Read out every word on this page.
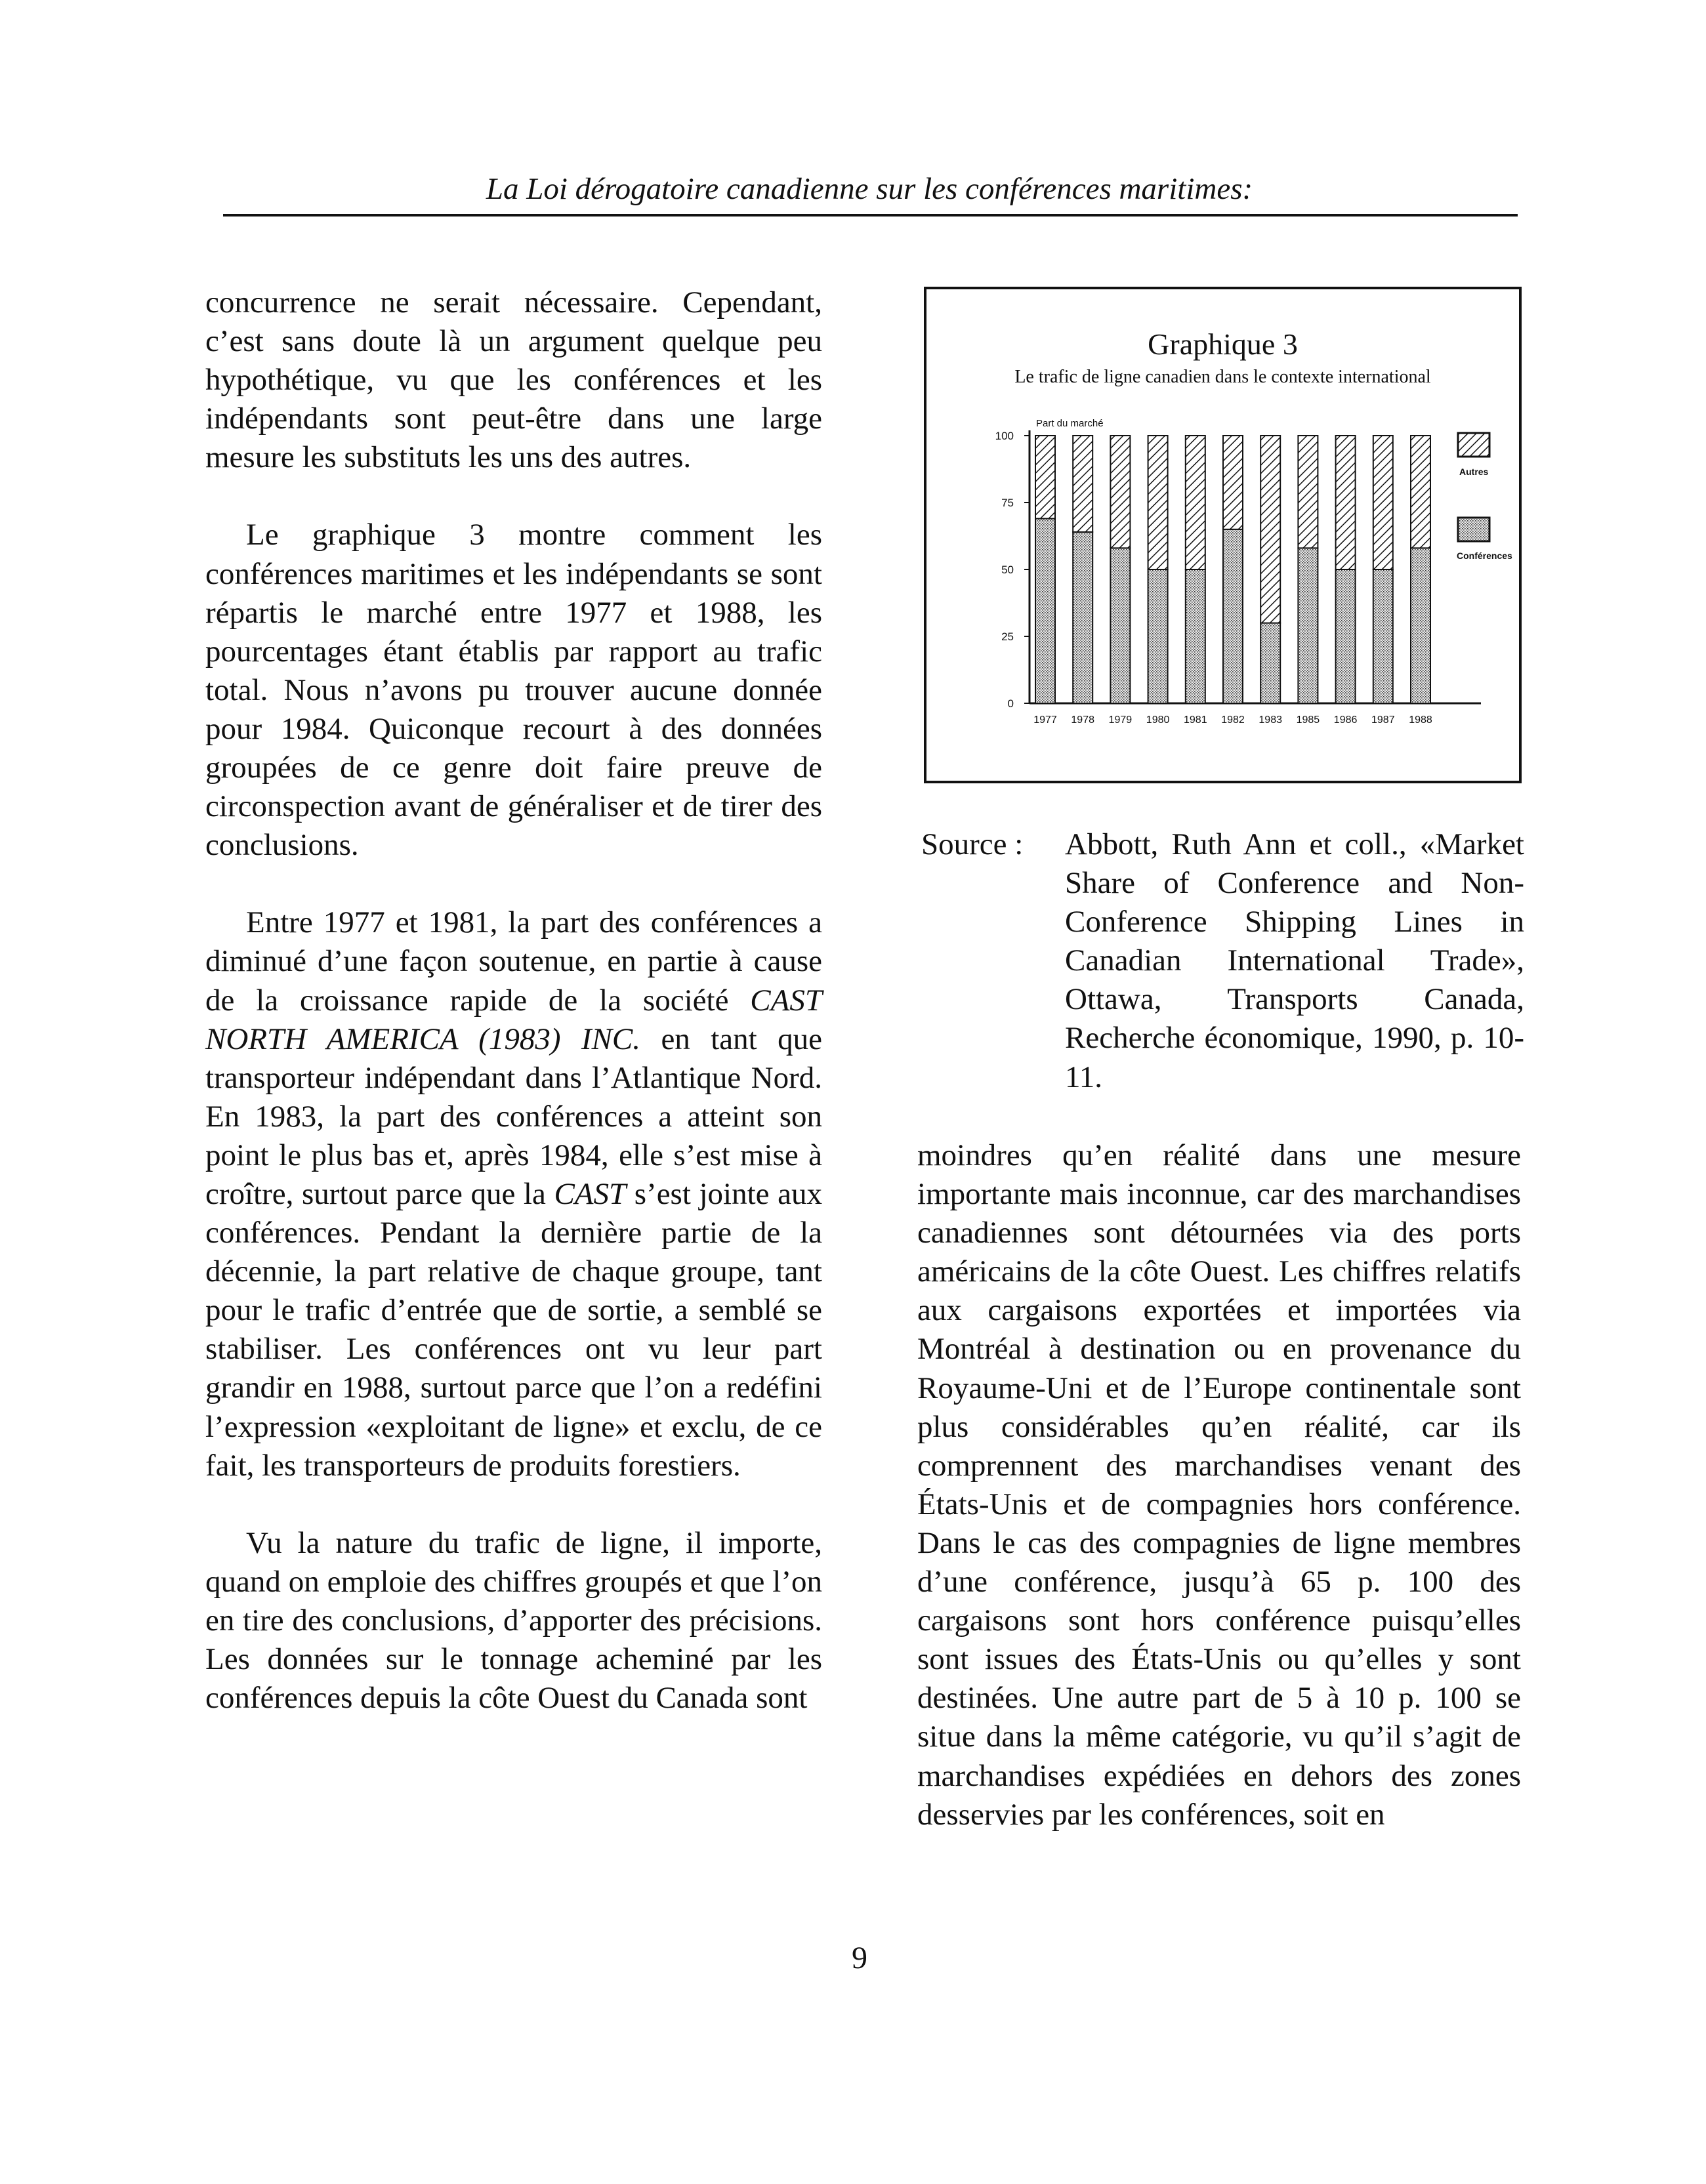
La Loi dérogatoire canadienne sur les conférences maritimes:

concurrence ne serait nécessaire. Cependant, c’est sans doute là un argument quelque peu hypothétique, vu que les conférences et les indépendants sont peut-être dans une large mesure les substituts les uns des autres.

Le graphique 3 montre comment les conférences maritimes et les indépendants se sont répartis le marché entre 1977 et 1988, les pourcentages étant établis par rapport au trafic total. Nous n’avons pu trouver aucune donnée pour 1984. Quiconque recourt à des données groupées de ce genre doit faire preuve de circonspection avant de généraliser et de tirer des conclusions.

Entre 1977 et 1981, la part des conférences a diminué d’une façon soutenue, en partie à cause de la croissance rapide de la société CAST NORTH AMERICA (1983) INC. en tant que transporteur indépendant dans l’Atlantique Nord. En 1983, la part des conférences a atteint son point le plus bas et, après 1984, elle s’est mise à croître, surtout parce que la CAST s’est jointe aux conférences. Pendant la dernière partie de la décennie, la part relative de chaque groupe, tant pour le trafic d’entrée que de sortie, a semblé se stabiliser. Les conférences ont vu leur part grandir en 1988, surtout parce que l’on a redéfini l’expression «exploitant de ligne» et exclu, de ce fait, les transporteurs de produits forestiers.

Vu la nature du trafic de ligne, il importe, quand on emploie des chiffres groupés et que l’on en tire des conclusions, d’apporter des précisions. Les données sur le tonnage acheminé par les conférences depuis la côte Ouest du Canada sont

Graphique 3
Le trafic de ligne canadien dans le contexte international
0
25
50
75
100
Part du marché
1977 1978 1979 1980 1981 1982 1983 1985 1986 1987 1988
Autres
Conférences
Source : Abbott, Ruth Ann et coll., «Market Share of Conference and Non-Conference Shipping Lines in Canadian International Trade», Ottawa, Transports Canada, Recherche économique, 1990, p. 10-11.

moindres qu’en réalité dans une mesure importante mais inconnue, car des marchandises canadiennes sont détournées via des ports américains de la côte Ouest. Les chiffres relatifs aux cargaisons exportées et importées via Montréal à destination ou en provenance du Royaume-Uni et de l’Europe continentale sont plus considérables qu’en réalité, car ils comprennent des marchandises venant des États-Unis et de compagnies hors conférence. Dans le cas des compagnies de ligne membres d’une conférence, jusqu’à 65 p. 100 des cargaisons sont hors conférence puisqu’elles sont issues des États-Unis ou qu’elles y sont destinées. Une autre part de 5 à 10 p. 100 se situe dans la même catégorie, vu qu’il s’agit de marchandises expédiées en dehors des zones desservies par les conférences, soit en

9
